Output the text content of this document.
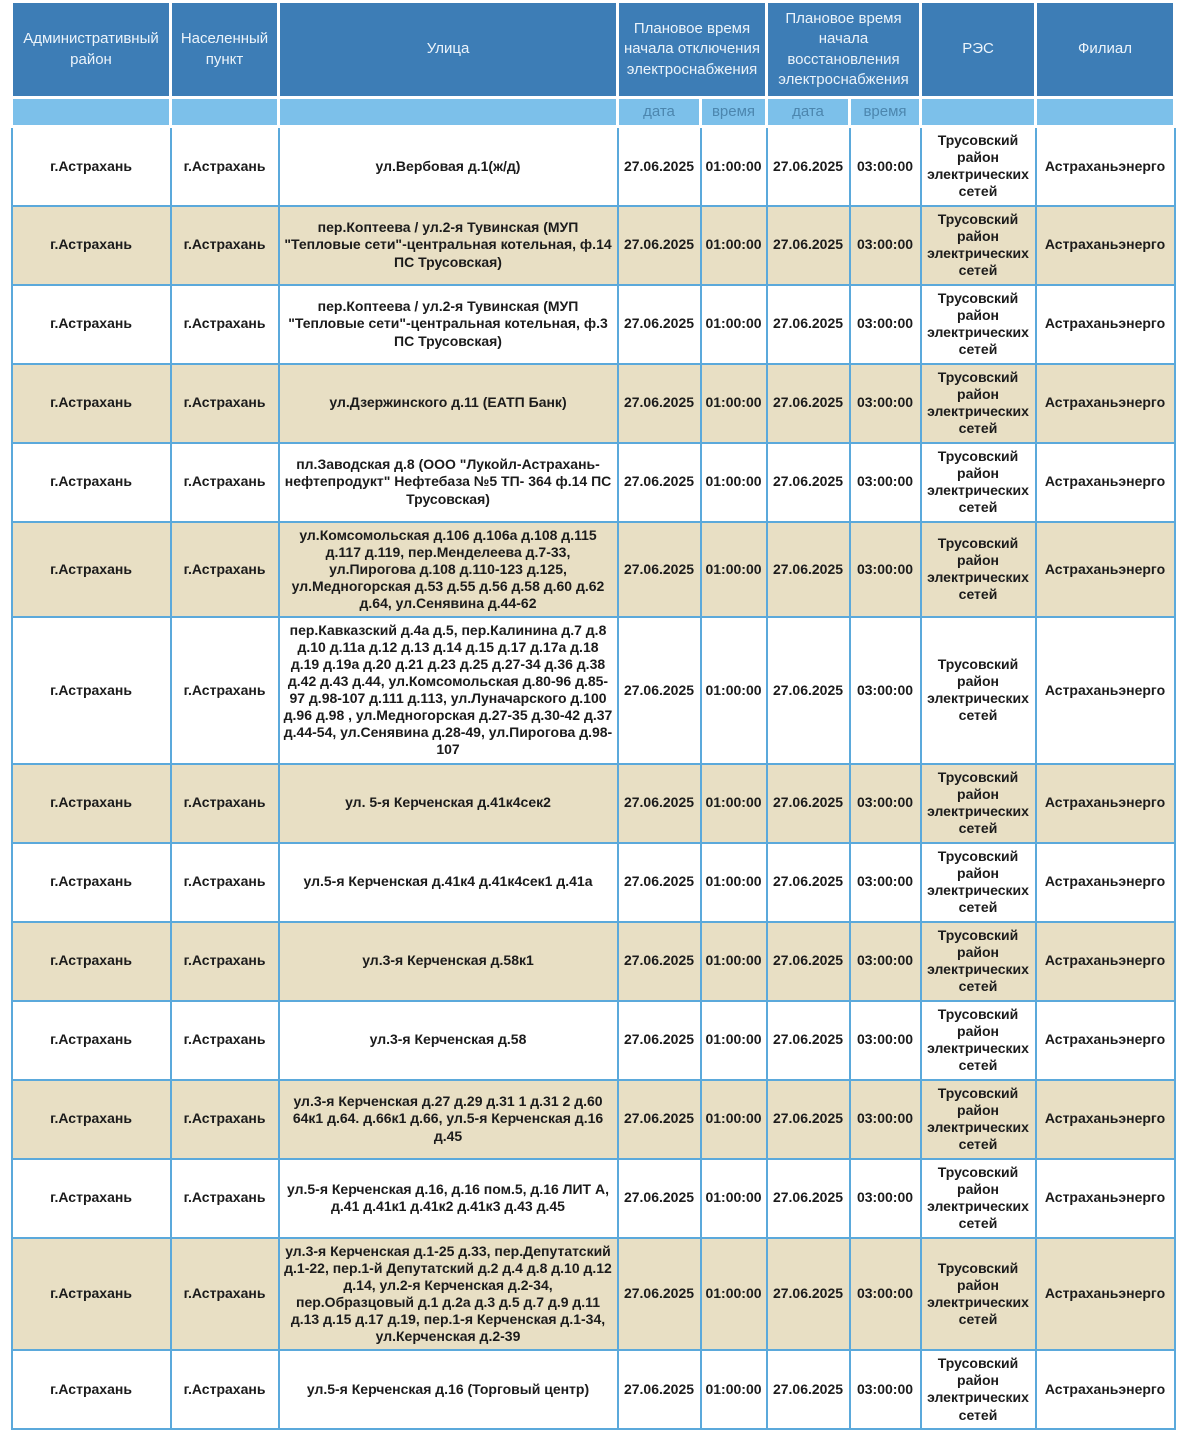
Административный район	Населенный пункт	Улица	Плановое время начала отключения электроснабжения		Плановое время начала восстановления электроснабжения		РЭС	Филиал
			дата	время	дата	время		
г.Астрахань	г.Астрахань	ул.Вербовая д.1(ж/д)	27.06.2025	01:00:00	27.06.2025	03:00:00	Трусовский район электрических сетей	Астраханьэнерго
г.Астрахань	г.Астрахань	пер.Коптеева / ул.2-я Тувинская (МУП "Тепловые сети"-центральная котельная, ф.14 ПС Трусовская)	27.06.2025	01:00:00	27.06.2025	03:00:00	Трусовский район электрических сетей	Астраханьэнерго
г.Астрахань	г.Астрахань	пер.Коптеева / ул.2-я Тувинская (МУП "Тепловые сети"-центральная котельная, ф.3 ПС Трусовская)	27.06.2025	01:00:00	27.06.2025	03:00:00	Трусовский район электрических сетей	Астраханьэнерго
г.Астрахань	г.Астрахань	ул.Дзержинского д.11 (ЕАТП Банк)	27.06.2025	01:00:00	27.06.2025	03:00:00	Трусовский район электрических сетей	Астраханьэнерго
г.Астрахань	г.Астрахань	пл.Заводская д.8 (ООО "Лукойл-Астрахань-нефтепродукт" Нефтебаза №5 ТП- 364 ф.14 ПС Трусовская)	27.06.2025	01:00:00	27.06.2025	03:00:00	Трусовский район электрических сетей	Астраханьэнерго
г.Астрахань	г.Астрахань	ул.Комсомольская д.106 д.106а д.108 д.115 д.117 д.119, пер.Менделеева д.7-33, ул.Пирогова д.108 д.110-123 д.125, ул.Медногорская д.53 д.55 д.56 д.58 д.60 д.62 д.64, ул.Сенявина д.44-62	27.06.2025	01:00:00	27.06.2025	03:00:00	Трусовский район электрических сетей	Астраханьэнерго
г.Астрахань	г.Астрахань	пер.Кавказский д.4а д.5, пер.Калинина д.7 д.8 д.10 д.11а д.12 д.13 д.14 д.15 д.17 д.17а д.18 д.19 д.19а д.20 д.21 д.23 д.25 д.27-34 д.36 д.38 д.42 д.43 д.44, ул.Комсомольская д.80-96 д.85-97 д.98-107 д.111 д.113, ул.Луначарского д.100 д.96 д.98 , ул.Медногорская д.27-35 д.30-42 д.37 д.44-54, ул.Сенявина д.28-49, ул.Пирогова д.98-107	27.06.2025	01:00:00	27.06.2025	03:00:00	Трусовский район электрических сетей	Астраханьэнерго
г.Астрахань	г.Астрахань	ул. 5-я Керченская д.41к4сек2	27.06.2025	01:00:00	27.06.2025	03:00:00	Трусовский район электрических сетей	Астраханьэнерго
г.Астрахань	г.Астрахань	ул.5-я Керченская д.41к4 д.41к4сек1 д.41а	27.06.2025	01:00:00	27.06.2025	03:00:00	Трусовский район электрических сетей	Астраханьэнерго
г.Астрахань	г.Астрахань	ул.3-я Керченская д.58к1	27.06.2025	01:00:00	27.06.2025	03:00:00	Трусовский район электрических сетей	Астраханьэнерго
г.Астрахань	г.Астрахань	ул.3-я Керченская д.58	27.06.2025	01:00:00	27.06.2025	03:00:00	Трусовский район электрических сетей	Астраханьэнерго
г.Астрахань	г.Астрахань	ул.3-я Керченская д.27 д.29 д.31 1 д.31 2 д.60 64к1 д.64. д.66к1 д.66, ул.5-я Керченская д.16 д.45	27.06.2025	01:00:00	27.06.2025	03:00:00	Трусовский район электрических сетей	Астраханьэнерго
г.Астрахань	г.Астрахань	ул.5-я Керченская д.16, д.16 пом.5, д.16 ЛИТ А, д.41 д.41к1 д.41к2 д.41к3 д.43 д.45	27.06.2025	01:00:00	27.06.2025	03:00:00	Трусовский район электрических сетей	Астраханьэнерго
г.Астрахань	г.Астрахань	ул.3-я Керченская д.1-25 д.33, пер.Депутатский д.1-22, пер.1-й Депутатский д.2 д.4 д.8 д.10 д.12 д.14, ул.2-я Керченская д.2-34, пер.Образцовый д.1 д.2а д.3 д.5 д.7 д.9 д.11 д.13 д.15 д.17 д.19, пер.1-я Керченская д.1-34, ул.Керченская д.2-39	27.06.2025	01:00:00	27.06.2025	03:00:00	Трусовский район электрических сетей	Астраханьэнерго
г.Астрахань	г.Астрахань	ул.5-я Керченская д.16 (Торговый центр)	27.06.2025	01:00:00	27.06.2025	03:00:00	Трусовский район электрических сетей	Астраханьэнерго
